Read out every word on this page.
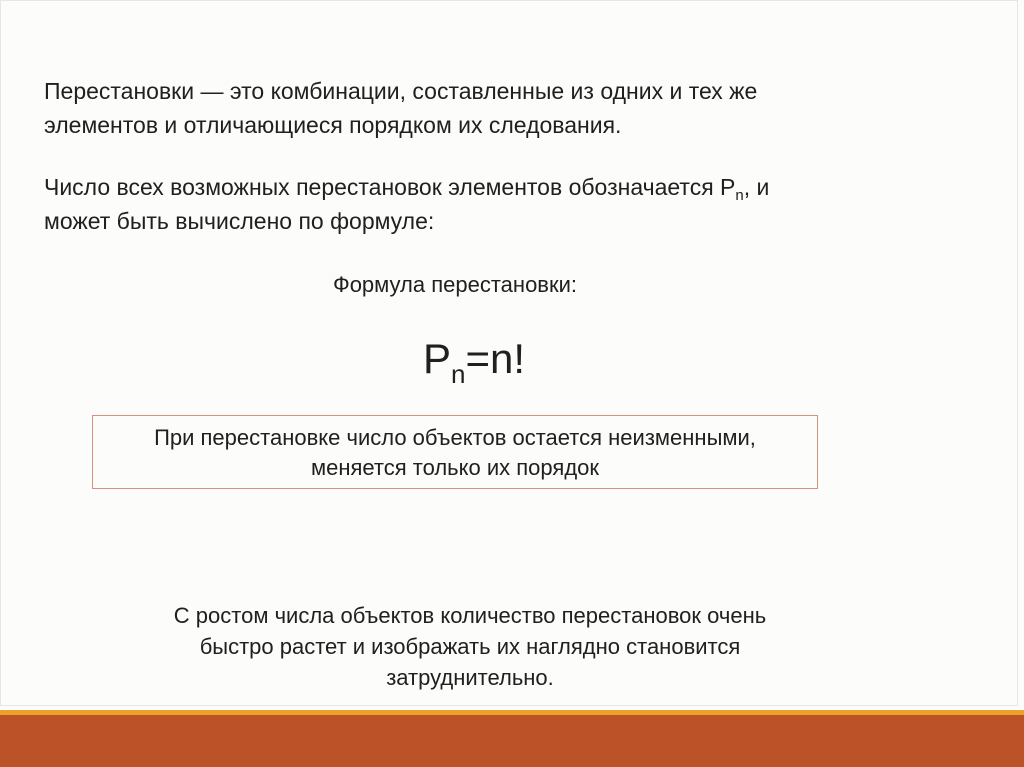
Перестановки — это комбинации, составленные из одних и тех же
элементов и отличающиеся порядком их следования.
Число всех возможных перестановок элементов обозначается $P_n$, и
может быть вычислено по формуле:
Формула перестановки:
$P_n=n$!
При перестановке число объектов остается неизменными,
меняется только их порядок
С ростом числа объектов количество перестановок очень
быстро растет и изображать их наглядно становится
затруднительно.
